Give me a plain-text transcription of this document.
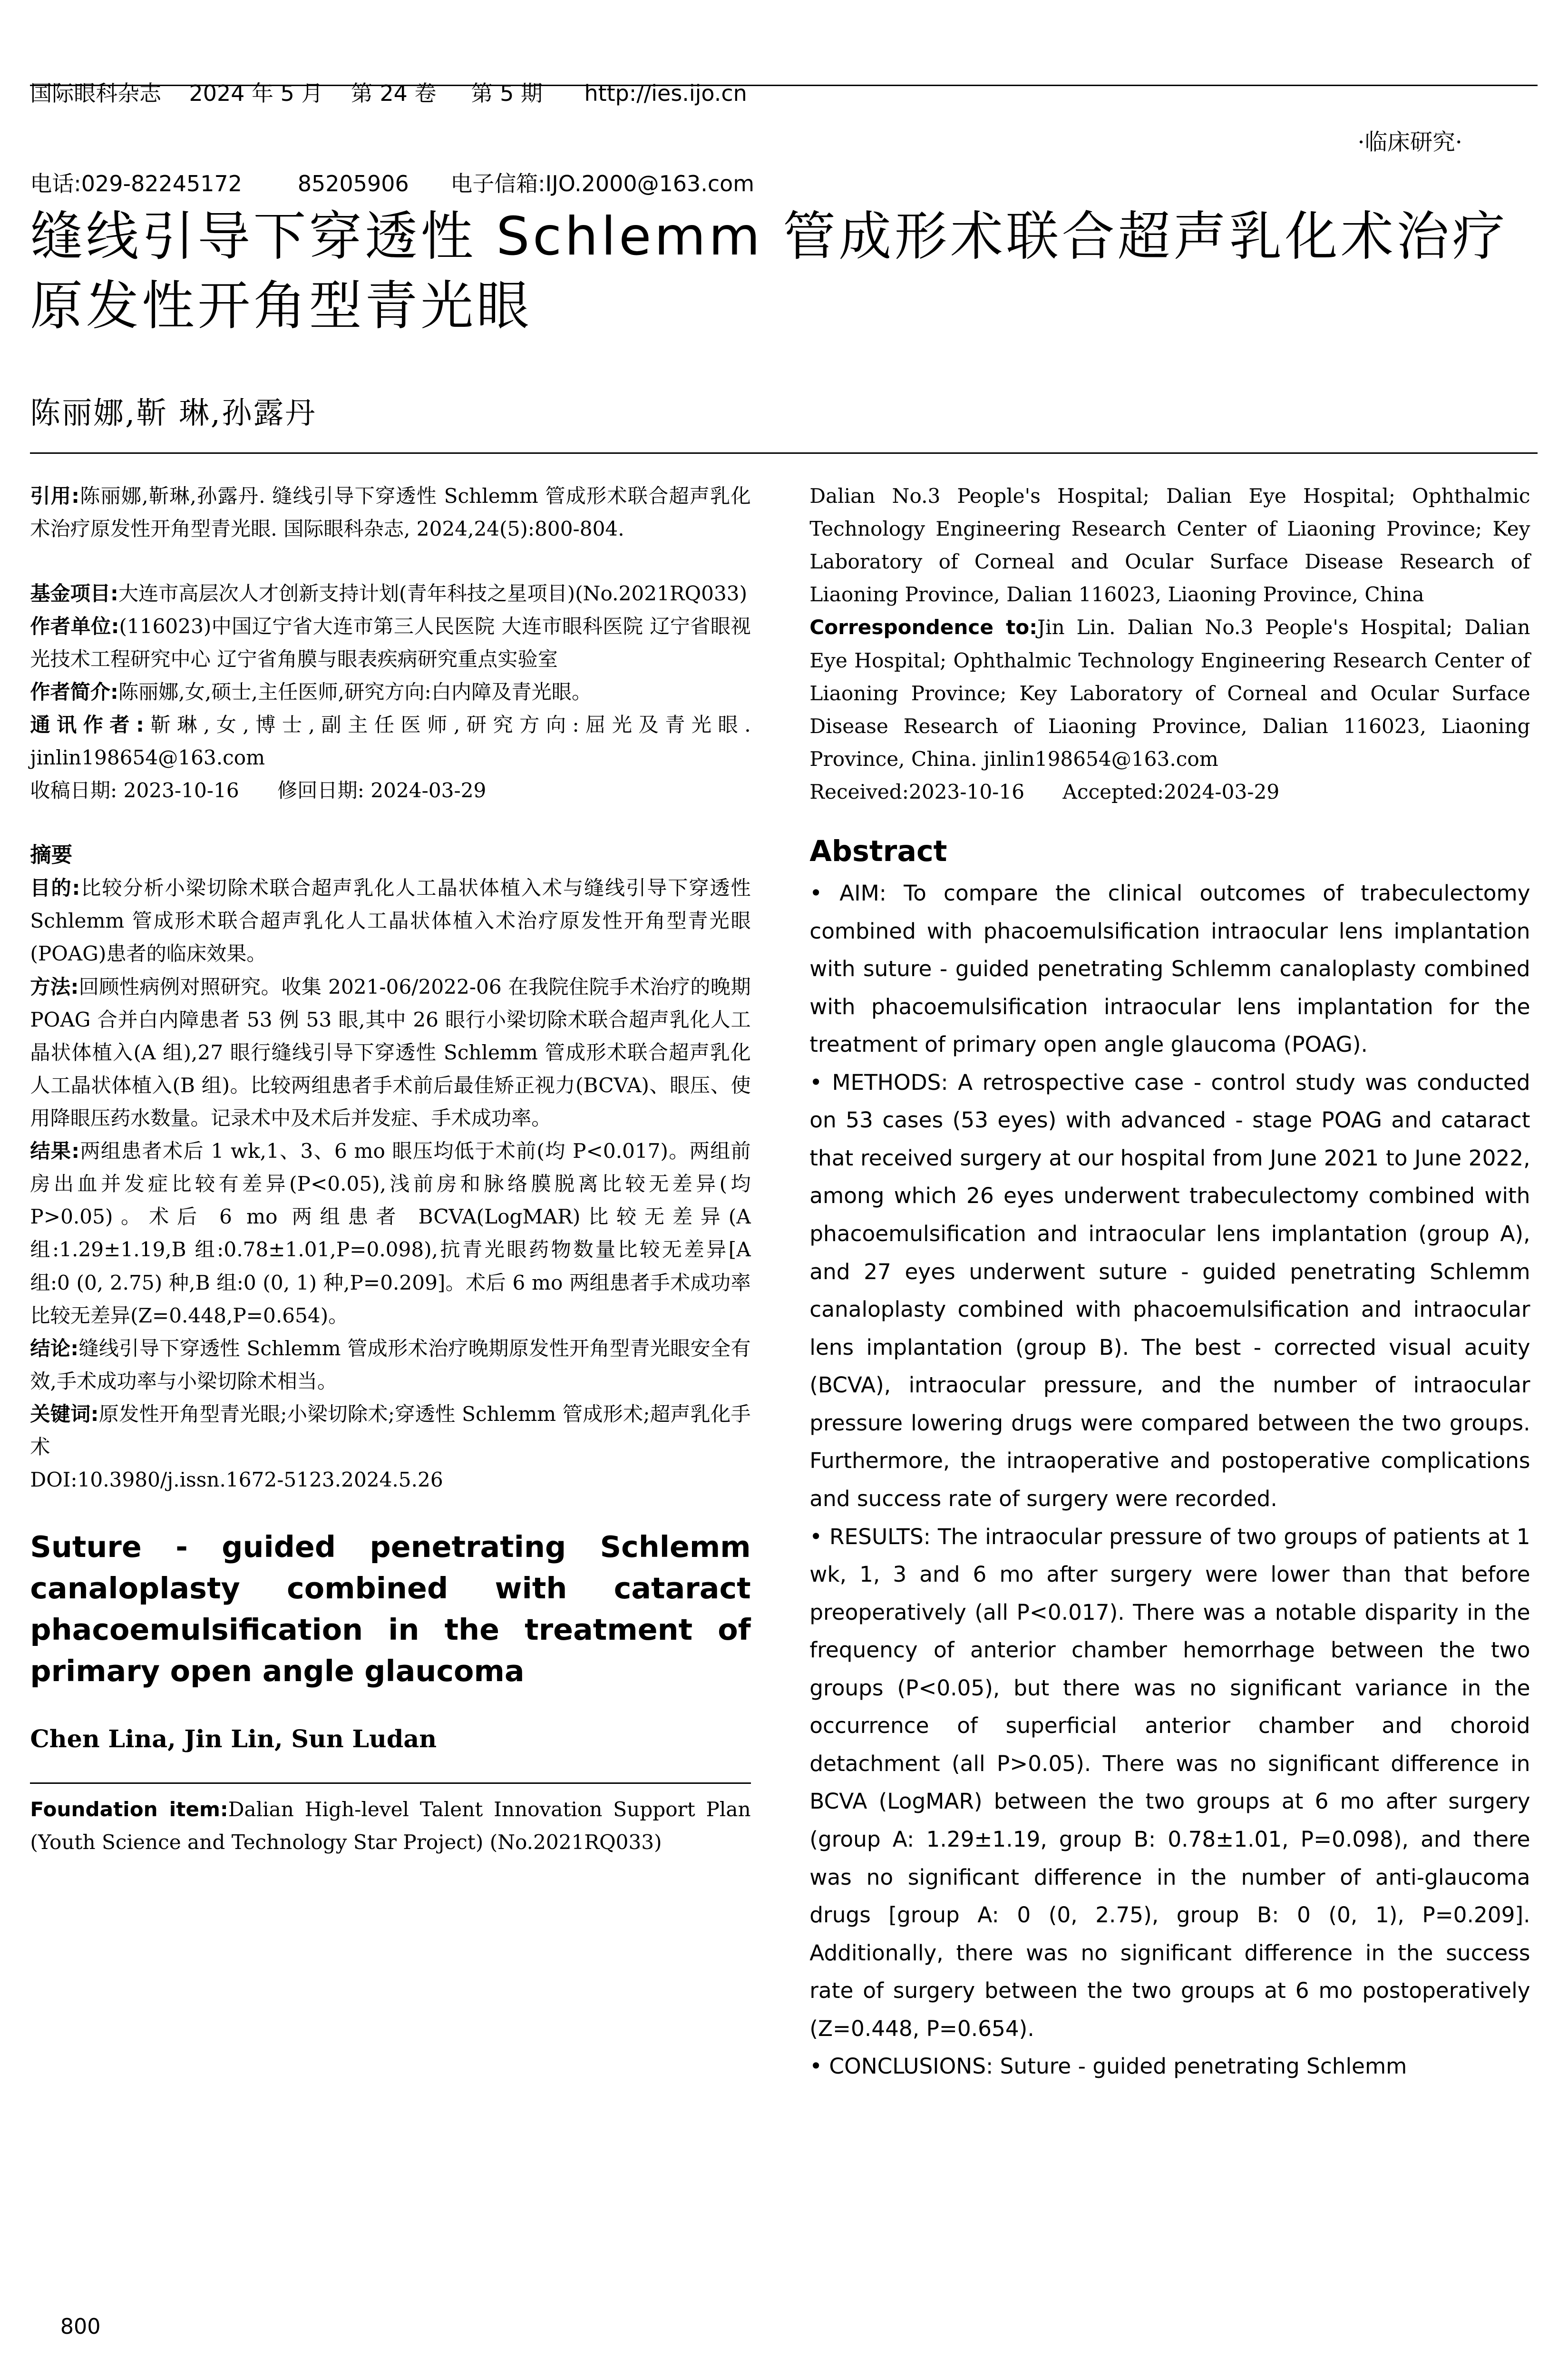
国际眼科杂志    2024 年 5 月    第 24 卷     第 5 期      http://ies.ijo.cn

电话:029-82245172        85205906      电子信箱:IJO.2000@163.com

·临床研究·
缝线引导下穿透性 Schlemm 管成形术联合超声乳化术治疗原发性开角型青光眼
陈丽娜,靳 琳,孙露丹

引用:陈丽娜,靳琳,孙露丹. 缝线引导下穿透性 Schlemm 管成形术联合超声乳化术治疗原发性开角型青光眼. 国际眼科杂志, 2024,24(5):800-804.

基金项目:大连市高层次人才创新支持计划(青年科技之星项目)(No.2021RQ033)

作者单位:(116023)中国辽宁省大连市第三人民医院 大连市眼科医院 辽宁省眼视光技术工程研究中心 辽宁省角膜与眼表疾病研究重点实验室

作者简介:陈丽娜,女,硕士,主任医师,研究方向:白内障及青光眼。

通讯作者:靳琳,女,博士,副主任医师,研究方向:屈光及青光眼. jinlin198654@163.com

收稿日期: 2023-10-16      修回日期: 2024-03-29

摘要

目的:比较分析小梁切除术联合超声乳化人工晶状体植入术与缝线引导下穿透性 Schlemm 管成形术联合超声乳化人工晶状体植入术治疗原发性开角型青光眼(POAG)患者的临床效果。

方法:回顾性病例对照研究。收集 2021-06/2022-06 在我院住院手术治疗的晚期 POAG 合并白内障患者 53 例 53 眼,其中 26 眼行小梁切除术联合超声乳化人工晶状体植入(A 组),27 眼行缝线引导下穿透性 Schlemm 管成形术联合超声乳化人工晶状体植入(B 组)。比较两组患者手术前后最佳矫正视力(BCVA)、眼压、使用降眼压药水数量。记录术中及术后并发症、手术成功率。

结果:两组患者术后 1 wk,1、3、6 mo 眼压均低于术前(均 P<0.017)。两组前房出血并发症比较有差异(P<0.05),浅前房和脉络膜脱离比较无差异(均 P>0.05)。术后 6 mo 两组患者 BCVA(LogMAR)比较无差异(A 组:1.29±1.19,B 组:0.78±1.01,P=0.098),抗青光眼药物数量比较无差异[A 组:0 (0, 2.75) 种,B 组:0 (0, 1) 种,P=0.209]。术后 6 mo 两组患者手术成功率比较无差异(Z=0.448,P=0.654)。

结论:缝线引导下穿透性 Schlemm 管成形术治疗晚期原发性开角型青光眼安全有效,手术成功率与小梁切除术相当。

关键词:原发性开角型青光眼;小梁切除术;穿透性 Schlemm 管成形术;超声乳化手术

DOI:10.3980/j.issn.1672-5123.2024.5.26

Suture - guided penetrating Schlemm canaloplasty combined with cataract phacoemulsification in the treatment of primary open angle glaucoma

Chen Lina, Jin Lin, Sun Ludan

Foundation item:Dalian High-level Talent Innovation Support Plan (Youth Science and Technology Star Project) (No.2021RQ033)

Dalian No.3 People's Hospital; Dalian Eye Hospital; Ophthalmic Technology Engineering Research Center of Liaoning Province; Key Laboratory of Corneal and Ocular Surface Disease Research of Liaoning Province, Dalian 116023, Liaoning Province, China

Correspondence to:Jin Lin. Dalian No.3 People's Hospital; Dalian Eye Hospital; Ophthalmic Technology Engineering Research Center of Liaoning Province; Key Laboratory of Corneal and Ocular Surface Disease Research of Liaoning Province, Dalian 116023, Liaoning Province, China. jinlin198654@163.com

Received:2023-10-16      Accepted:2024-03-29

Abstract

• AIM: To compare the clinical outcomes of trabeculectomy combined with phacoemulsification intraocular lens implantation with suture - guided penetrating Schlemm canaloplasty combined with phacoemulsification intraocular lens implantation for the treatment of primary open angle glaucoma (POAG).

• METHODS: A retrospective case - control study was conducted on 53 cases (53 eyes) with advanced - stage POAG and cataract that received surgery at our hospital from June 2021 to June 2022, among which 26 eyes underwent trabeculectomy combined with phacoemulsification and intraocular lens implantation (group A), and 27 eyes underwent suture - guided penetrating Schlemm canaloplasty combined with phacoemulsification and intraocular lens implantation (group B). The best - corrected visual acuity (BCVA), intraocular pressure, and the number of intraocular pressure lowering drugs were compared between the two groups. Furthermore, the intraoperative and postoperative complications and success rate of surgery were recorded.

• RESULTS: The intraocular pressure of two groups of patients at 1 wk, 1, 3 and 6 mo after surgery were lower than that before preoperatively (all P<0.017). There was a notable disparity in the frequency of anterior chamber hemorrhage between the two groups (P<0.05), but there was no significant variance in the occurrence of superficial anterior chamber and choroid detachment (all P>0.05). There was no significant difference in BCVA (LogMAR) between the two groups at 6 mo after surgery (group A: 1.29±1.19, group B: 0.78±1.01, P=0.098), and there was no significant difference in the number of anti-glaucoma drugs [group A: 0 (0, 2.75), group B: 0 (0, 1), P=0.209]. Additionally, there was no significant difference in the success rate of surgery between the two groups at 6 mo postoperatively (Z=0.448, P=0.654).

• CONCLUSIONS: Suture - guided penetrating Schlemm

800
